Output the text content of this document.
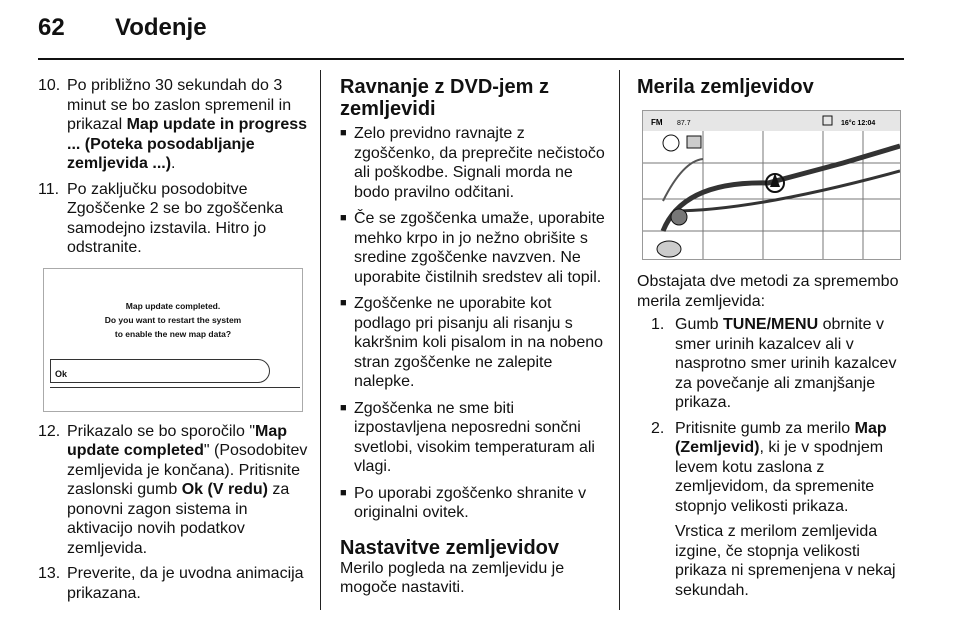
62 Vodenje
10. Po približno 30 sekundah do 3 minut se bo zaslon spremenil in prikazal Map update in progress ... (Poteka posodabljanje zemljevida ...).
11. Po zaključku posodobitve Zgoščenke 2 se bo zgoščenka samodejno izstavila. Hitro jo odstranite.
Map update completed.
Do you want to restart the system
to enable the new map data?
Ok
12. Prikazalo se bo sporočilo "Map update completed" (Posodobitev zemljevida je končana). Pritisnite zaslonski gumb Ok (V redu) za ponovni zagon sistema in aktivacijo novih podatkov zemljevida.
13. Preverite, da je uvodna animacija prikazana.
Ravnanje z DVD-jem z zemljevidi
■ Zelo previdno ravnajte z zgoščenko, da preprečite nečistočo ali poškodbe. Signali morda ne bodo pravilno odčitani.
■ Če se zgoščenka umaže, uporabite mehko krpo in jo nežno obrišite s sredine zgoščenke navzven. Ne uporabite čistilnih sredstev ali topil.
■ Zgoščenke ne uporabite kot podlago pri pisanju ali risanju s kakršnim koli pisalom in na nobeno stran zgoščenke ne zalepite nalepke.
■ Zgoščenka ne sme biti izpostavljena neposredni sončni svetlobi, visokim temperaturam ali vlagi.
■ Po uporabi zgoščenko shranite v originalni ovitek.
Nastavitve zemljevidov
Merilo pogleda na zemljevidu je mogoče nastaviti.
Merila zemljevidov
FM 87.7	16°c 12:04
Obstajata dve metodi za spremembo merila zemljevida:
1. Gumb TUNE/MENU obrnite v smer urinih kazalcev ali v nasprotno smer urinih kazalcev za povečanje ali zmanjšanje prikaza.
2. Pritisnite gumb za merilo Map (Zemljevid), ki je v spodnjem levem kotu zaslona z zemljevidom, da spremenite stopnjo velikosti prikaza.
Vrstica z merilom zemljevida izgine, če stopnja velikosti prikaza ni spremenjena v nekaj sekundah.
